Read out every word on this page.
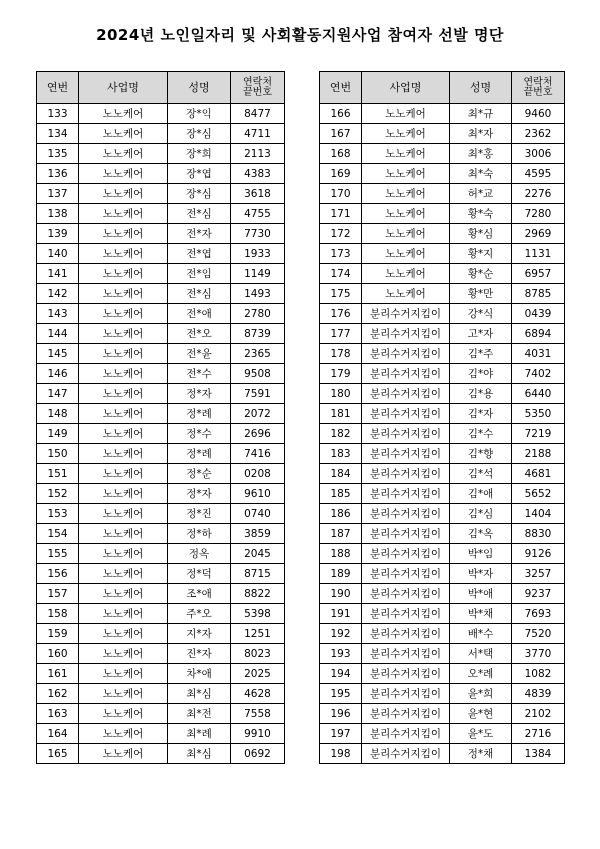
2024년 노인일자리 및 사회활동지원사업 참여자 선발 명단
연번	사업명	성명	연락처
끝번호
133	노노케어	장*익	8477
134	노노케어	장*심	4711
135	노노케어	장*희	2113
136	노노케어	장*엽	4383
137	노노케어	장*심	3618
138	노노케어	전*심	4755
139	노노케어	전*자	7730
140	노노케어	전*엽	1933
141	노노케어	전*임	1149
142	노노케어	전*심	1493
143	노노케어	전*애	2780
144	노노케어	전*오	8739
145	노노케어	전*윤	2365
146	노노케어	전*수	9508
147	노노케어	정*자	7591
148	노노케어	정*례	2072
149	노노케어	정*수	2696
150	노노케어	정*례	7416
151	노노케어	정*순	0208
152	노노케어	정*자	9610
153	노노케어	정*진	0740
154	노노케어	정*하	3859
155	노노케어	정옥	2045
156	노노케어	정*덕	8715
157	노노케어	조*애	8822
158	노노케어	주*오	5398
159	노노케어	지*자	1251
160	노노케어	진*자	8023
161	노노케어	차*애	2025
162	노노케어	최*심	4628
163	노노케어	최*전	7558
164	노노케어	최*례	9910
165	노노케어	최*심	0692
연번	사업명	성명	연락처
끝번호
166	노노케어	최*규	9460
167	노노케어	최*자	2362
168	노노케어	최*홍	3006
169	노노케어	최*숙	4595
170	노노케어	허*교	2276
171	노노케어	황*숙	7280
172	노노케어	황*심	2969
173	노노케어	황*지	1131
174	노노케어	황*순	6957
175	노노케어	황*만	8785
176	분리수거지킴이	강*식	0439
177	분리수거지킴이	고*자	6894
178	분리수거지킴이	김*주	4031
179	분리수거지킴이	김*야	7402
180	분리수거지킴이	김*용	6440
181	분리수거지킴이	김*자	5350
182	분리수거지킴이	김*수	7219
183	분리수거지킴이	김*향	2188
184	분리수거지킴이	김*석	4681
185	분리수거지킴이	김*애	5652
186	분리수거지킴이	김*심	1404
187	분리수거지킴이	김*옥	8830
188	분리수거지킴이	박*임	9126
189	분리수거지킴이	박*자	3257
190	분리수거지킴이	박*애	9237
191	분리수거지킴이	박*채	7693
192	분리수거지킴이	배*수	7520
193	분리수거지킴이	서*택	3770
194	분리수거지킴이	오*례	1082
195	분리수거지킴이	윤*희	4839
196	분리수거지킴이	윤*현	2102
197	분리수거지킴이	윤*도	2716
198	분리수거지킴이	정*채	1384
